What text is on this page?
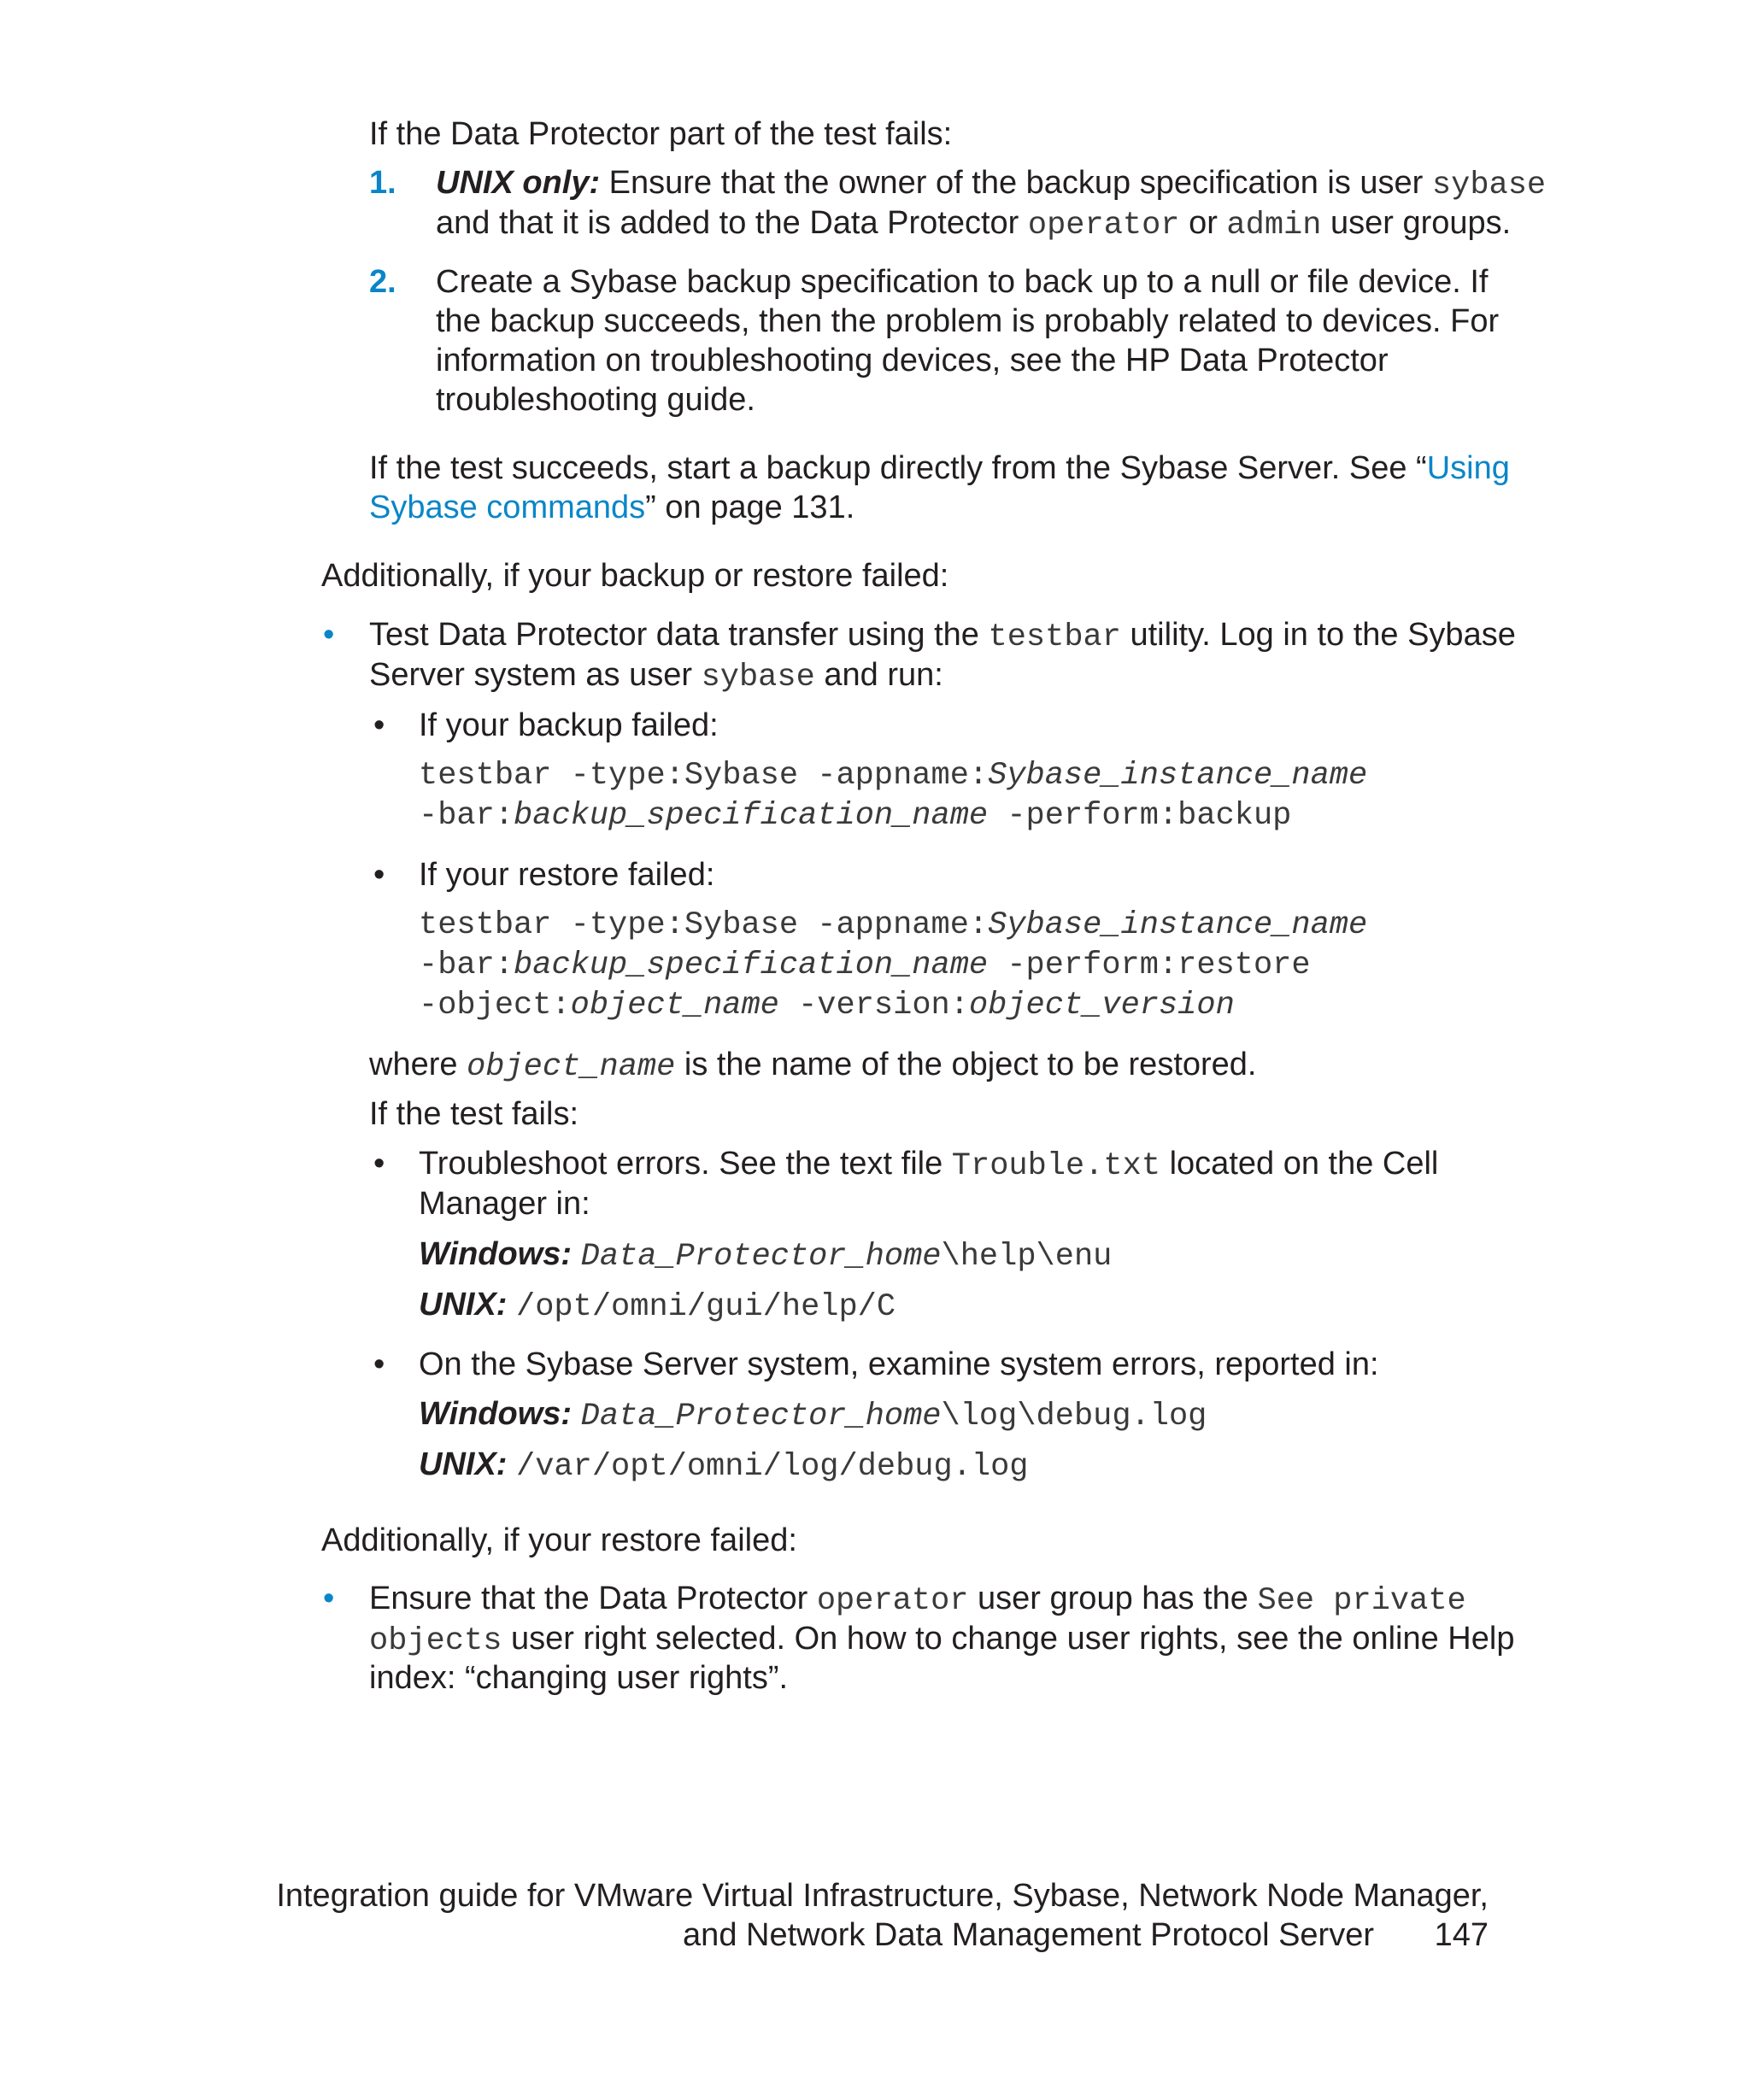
If the Data Protector part of the test fails:

1. UNIX only: Ensure that the owner of the backup specification is user sybase

and that it is added to the Data Protector operator or admin user groups.

2. Create a Sybase backup specification to back up to a null or file device. If

the backup succeeds, then the problem is probably related to devices. For

information on troubleshooting devices, see the HP Data Protector

troubleshooting guide.

If the test succeeds, start a backup directly from the Sybase Server. See “Using

Sybase commands” on page 131.

Additionally, if your backup or restore failed:

• Test Data Protector data transfer using the testbar utility. Log in to the Sybase

Server system as user sybase and run:

• If your backup failed:

testbar -type:Sybase -appname:Sybase_instance_name

-bar:backup_specification_name -perform:backup

• If your restore failed:

testbar -type:Sybase -appname:Sybase_instance_name

-bar:backup_specification_name -perform:restore

-object:object_name -version:object_version

where object_name is the name of the object to be restored.

If the test fails:

• Troubleshoot errors. See the text file Trouble.txt located on the Cell

Manager in:

Windows: Data_Protector_home\help\enu

UNIX: /opt/omni/gui/help/C

• On the Sybase Server system, examine system errors, reported in:

Windows: Data_Protector_home\log\debug.log

UNIX: /var/opt/omni/log/debug.log

Additionally, if your restore failed:

• Ensure that the Data Protector operator user group has the See private

objects user right selected. On how to change user rights, see the online Help

index: “changing user rights”.

Integration guide for VMware Virtual Infrastructure, Sybase, Network Node Manager,
and Network Data Management Protocol Server 147
